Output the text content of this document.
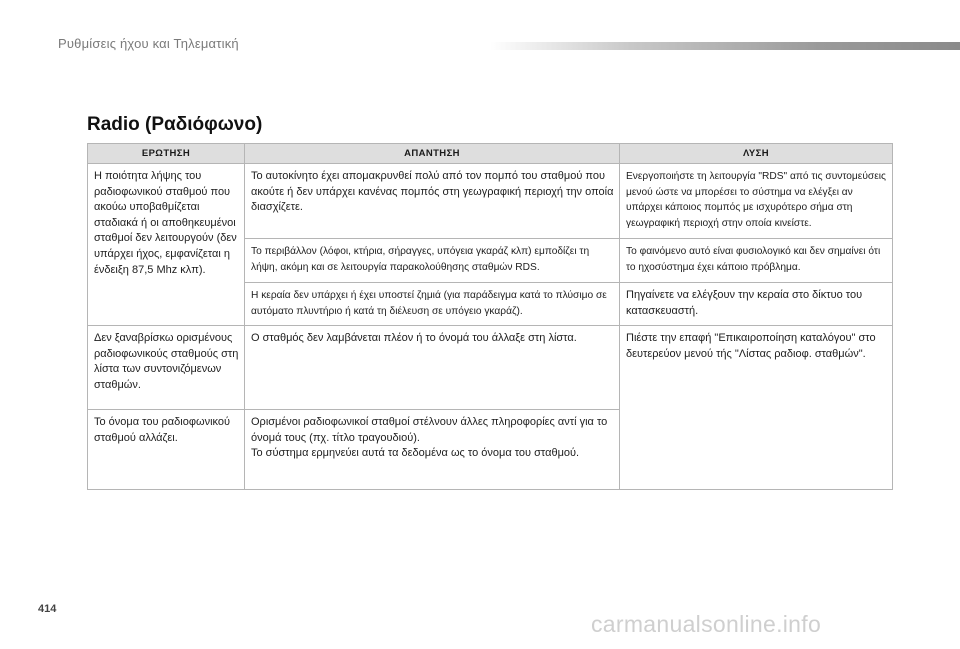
Ρυθμίσεις ήχου και Τηλεματική
Radio (Ραδιόφωνο)
ΕΡΩΤΗΣΗ	ΑΠΑΝΤΗΣΗ	ΛΥΣΗ
Η ποιότητα λήψης του ραδιοφωνικού σταθμού που ακούω υποβαθμίζεται σταδιακά ή οι αποθηκευμένοι σταθμοί δεν λειτουργούν (δεν υπάρχει ήχος, εμφανίζεται η ένδειξη 87,5 Mhz κλπ).	Το αυτοκίνητο έχει απομακρυνθεί πολύ από τον πομπό του σταθμού που ακούτε ή δεν υπάρχει κανένας πομπός στη γεωγραφική περιοχή την οποία διασχίζετε.	Ενεργοποιήστε τη λειτουργία "RDS" από τις συντομεύσεις μενού ώστε να μπορέσει το σύστημα να ελέγξει αν υπάρχει κάποιος πομπός με ισχυρότερο σήμα στη γεωγραφική περιοχή στην οποία κινείστε.
	Το περιβάλλον (λόφοι, κτήρια, σήραγγες, υπόγεια γκαράζ κλπ) εμποδίζει τη λήψη, ακόμη και σε λειτουργία παρακολούθησης σταθμών RDS.	Το φαινόμενο αυτό είναι φυσιολογικό και δεν σημαίνει ότι το ηχοσύστημα έχει κάποιο πρόβλημα.
	Η κεραία δεν υπάρχει ή έχει υποστεί ζημιά (για παράδειγμα κατά το πλύσιμο σε αυτόματο πλυντήριο ή κατά τη διέλευση σε υπόγειο γκαράζ).	Πηγαίνετε να ελέγξουν την κεραία στο δίκτυο του κατασκευαστή.
Δεν ξαναβρίσκω ορισμένους ραδιοφωνικούς σταθμούς στη λίστα των συντονιζόμενων σταθμών.	Ο σταθμός δεν λαμβάνεται πλέον ή το όνομά του άλλαξε στη λίστα.	Πιέστε την επαφή "Επικαιροποίηση καταλόγου" στο δευτερεύον μενού τής "Λίστας ραδιοφ. σταθμών".
Το όνομα του ραδιοφωνικού σταθμού αλλάζει.	Ορισμένοι ραδιοφωνικοί σταθμοί στέλνουν άλλες πληροφορίες αντί για το όνομά τους (πχ. τίτλο τραγουδιού).
Το σύστημα ερμηνεύει αυτά τα δεδομένα ως το όνομα του σταθμού.	
414
carmanualsonline.info
